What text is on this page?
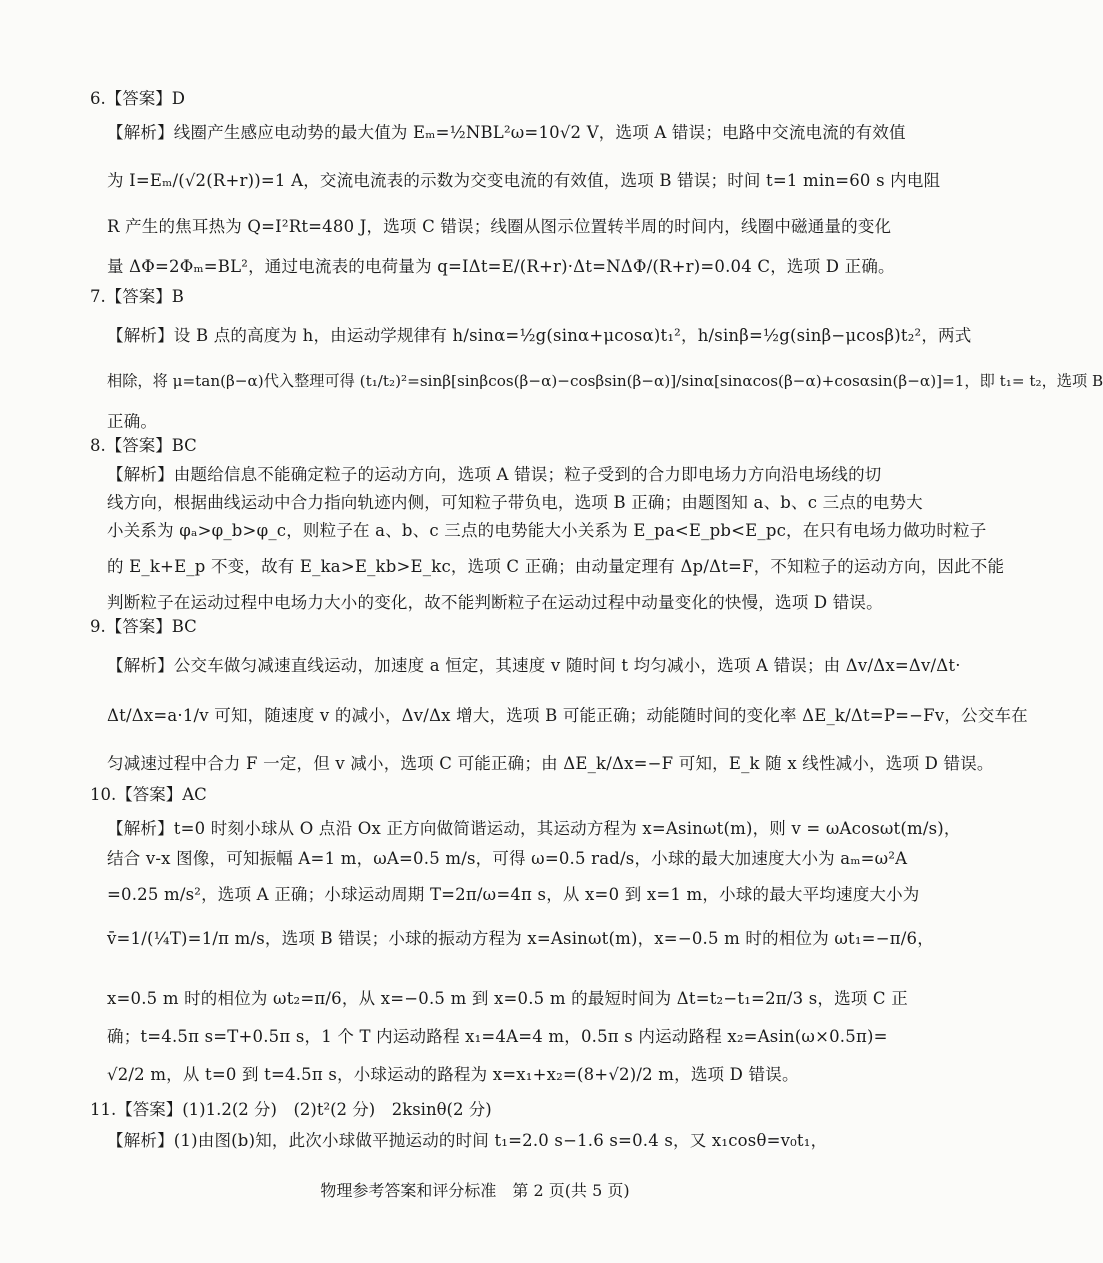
6.【答案】D
【解析】线圈产生感应电动势的最大值为 Eₘ=½NBL²ω=10√2 V，选项 A 错误；电路中交流电流的有效值
为 I=Eₘ/(√2(R+r))=1 A，交流电流表的示数为交变电流的有效值，选项 B 错误；时间 t=1 min=60 s 内电阻
R 产生的焦耳热为 Q=I²Rt=480 J，选项 C 错误；线圈从图示位置转半周的时间内，线圈中磁通量的变化
量 ΔΦ=2Φₘ=BL²，通过电流表的电荷量为 q=IΔt=E/(R+r)·Δt=NΔΦ/(R+r)=0.04 C，选项 D 正确。
7.【答案】B
【解析】设 B 点的高度为 h，由运动学规律有 h/sinα=½g(sinα+μcosα)t₁²，h/sinβ=½g(sinβ−μcosβ)t₂²，两式
相除，将 μ=tan(β−α)代入整理可得 (t₁/t₂)²=sinβ[sinβcos(β−α)−cosβsin(β−α)]/sinα[sinαcos(β−α)+cosαsin(β−α)]=1，即 t₁= t₂，选项 B
正确。
8.【答案】BC
【解析】由题给信息不能确定粒子的运动方向，选项 A 错误；粒子受到的合力即电场力方向沿电场线的切
线方向，根据曲线运动中合力指向轨迹内侧，可知粒子带负电，选项 B 正确；由题图知 a、b、c 三点的电势大
小关系为 φₐ>φ_b>φ_c，则粒子在 a、b、c 三点的电势能大小关系为 E_pa<E_pb<E_pc，在只有电场力做功时粒子
的 E_k+E_p 不变，故有 E_ka>E_kb>E_kc，选项 C 正确；由动量定理有 Δp/Δt=F，不知粒子的运动方向，因此不能
判断粒子在运动过程中电场力大小的变化，故不能判断粒子在运动过程中动量变化的快慢，选项 D 错误。
9.【答案】BC
【解析】公交车做匀减速直线运动，加速度 a 恒定，其速度 v 随时间 t 均匀减小，选项 A 错误；由 Δv/Δx=Δv/Δt·
Δt/Δx=a·1/v 可知，随速度 v 的减小，Δv/Δx 增大，选项 B 可能正确；动能随时间的变化率 ΔE_k/Δt=P=−Fv，公交车在
匀减速过程中合力 F 一定，但 v 减小，选项 C 可能正确；由 ΔE_k/Δx=−F 可知，E_k 随 x 线性减小，选项 D 错误。
10.【答案】AC
【解析】t=0 时刻小球从 O 点沿 Ox 正方向做简谐运动，其运动方程为 x=Asinωt(m)，则 v = ωAcosωt(m/s)，
结合 v-x 图像，可知振幅 A=1 m，ωA=0.5 m/s，可得 ω=0.5 rad/s，小球的最大加速度大小为 aₘ=ω²A
=0.25 m/s²，选项 A 正确；小球运动周期 T=2π/ω=4π s，从 x=0 到 x=1 m，小球的最大平均速度大小为
v̄=1/(¼T)=1/π m/s，选项 B 错误；小球的振动方程为 x=Asinωt(m)，x=−0.5 m 时的相位为 ωt₁=−π/6，
x=0.5 m 时的相位为 ωt₂=π/6，从 x=−0.5 m 到 x=0.5 m 的最短时间为 Δt=t₂−t₁=2π/3 s，选项 C 正
确；t=4.5π s=T+0.5π s，1 个 T 内运动路程 x₁=4A=4 m，0.5π s 内运动路程 x₂=Asin(ω×0.5π)=
√2/2 m，从 t=0 到 t=4.5π s，小球运动的路程为 x=x₁+x₂=(8+√2)/2 m，选项 D 错误。
11.【答案】(1)1.2(2 分)　(2)t²(2 分)　2ksinθ(2 分)
【解析】(1)由图(b)知，此次小球做平抛运动的时间 t₁=2.0 s−1.6 s=0.4 s，又 x₁cosθ=v₀t₁，
物理参考答案和评分标准　第 2 页(共 5 页)
